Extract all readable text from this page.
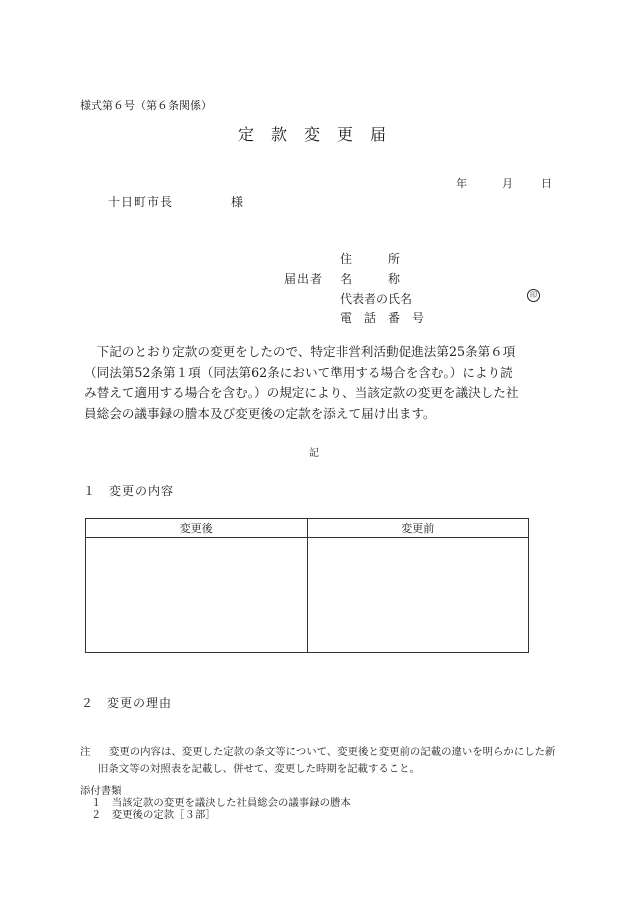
様式第６号（第６条関係）
定款変更届
年	月	日
十日町市長	様
届出者
住　　　所
名　　　称
代表者の氏名
電　話　番　号
印

　下記のとおり定款の変更をしたので、特定非営利活動促進法第25条第６項

（同法第52条第１項（同法第62条において準用する場合を含む。）により読

み替えて適用する場合を含む。）の規定により、当該定款の変更を議決した社

員総会の議事録の謄本及び変更後の定款を添えて届け出ます。

記
１　変更の内容
変更後	変更前

２　変更の理由
注 変更の内容は、変更した定款の条文等について、変更後と変更前の記載の違いを明らかにした新
旧条文等の対照表を記載し、併せて、変更した時期を記載すること。
添付書類
１　当該定款の変更を議決した社員総会の議事録の謄本
２　変更後の定款［３部］
